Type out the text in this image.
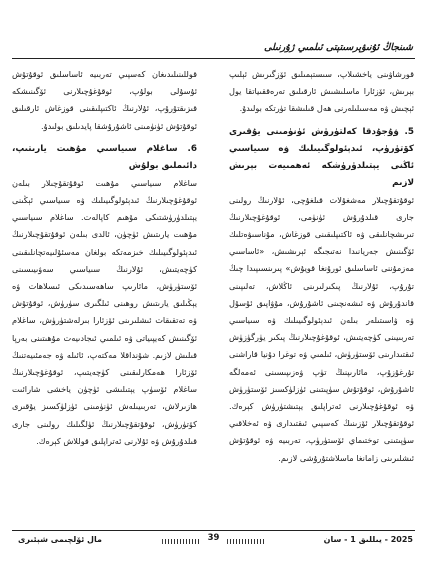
شىنجاڭ ئۇنىۋېرسىتېتى ئىلمىي ژۇرنىلى

قورشاۋىنى ياخشىلاپ، سىستېمىلىق ئۆزگىرىش ئېلىپ بېرىش، ئۆزئارا ماسلىشىش ئارقىلىق تەرەققىياتقا يول ئېچىش ۋە مەسىلىلەرنى ھەل قىلىشقا تۈرتكە بولىدۇ.

5. ۋۇجۇدقا كەلتۈرۈش ئۈنۈمىنى يۇقىرى كۆتۈرۈپ، ئىدېئولوگىيىلىك ۋە سىياسىي ئاڭنى يېتىلدۈرۈشكە ئەھمىيەت بېرىش لازىم

ئوقۇتقۇچىلار مەشغۇلات قىلغۇچى، ئۇلارنىڭ رولىنى جارى قىلدۇرۇش ئۈنۈمى، ئوقۇغۇچىلارنىڭ تىرىشچانلىقى ۋە ئاكتىپلىقىنى قوزغاش، مۇناسىۋەتلىك ئۆگىنىش جەريانىدا نەتىجىگە ئېرىشىش، «ئاساسىي مەزمۇننى ئاساسلىق ئورۇنغا قويۇش» پىرىنسىپىدا چىڭ تۇرۇپ، ئۇلارنىڭ پىكىرلىرىنى ئاڭلاش، تەلىپىنى قاندۇرۇش ۋە ئىشەنچىنى ئاشۇرۇش، مۇۋاپىق ئۇسۇل ۋە ۋاسىتىلەر بىلەن ئىدېئولوگىيىلىك ۋە سىياسىي تەربىيىنى كۈچەيتىش، ئوقۇغۇچىلارنىڭ پىكىر يۈرگۈزۈش ئىقتىدارىنى ئۆستۈرۈش، ئىلمىي ۋە توغرا دۇنيا قاراشنى تۇرغۇزۇپ، مائارىپنىڭ تۈپ ۋەزىپىسىنى ئەمەلگە ئاشۇرۇش، ئوقۇتۇش سۈپىتىنى ئۈزلۈكسىز ئۆستۈرۈش ۋە ئوقۇغۇچىلارنى ئەتراپلىق يېتىشتۈرۈش كېرەك. ئوقۇتقۇچىلار ئۆزىنىڭ كەسپىي ئىقتىدارى ۋە ئەخلاقىي سۈپىتىنى توختىماي ئۆستۈرۈپ، تەربىيە ۋە ئوقۇتۇش ئىشلىرىنى زامانغا ماسلاشتۇرۇشى لازىم.

قوللىنىلىدىغان كەسپىي تەربىيە ئاساسلىق ئوقۇتۇش ئۇسۇلى بولۇپ، ئوقۇغۇچىلارنى ئۆگىنىشكە قىزىقتۇرۇپ، ئۇلارنىڭ ئاكتىپلىقىنى قوزغاش ئارقىلىق ئوقۇتۇش ئۈنۈمىنى ئاشۇرۇشقا پايدىلىق بولىدۇ.

6. ساغلام سىياسىي مۇھىت يارىتىپ، دائىملىق بولۇش

ساغلام سىياسىي مۇھىت ئوقۇتقۇچىلار بىلەن ئوقۇغۇچىلارنىڭ ئىدېئولوگىيىلىك ۋە سىياسىي ئېڭىنى يېتىلدۈرۈشتىكى مۇھىم كاپالەت. ساغلام سىياسىي مۇھىت يارىتىش ئۈچۈن، ئالدى بىلەن ئوقۇتقۇچىلارنىڭ ئىدېئولوگىيىلىك خىزمەتكە بولغان مەسئۇلىيەتچانلىقىنى كۈچەيتىش، ئۇلارنىڭ سىياسىي سەۋىيىسىنى ئۆستۈرۈش، مائارىپ ساھەسىدىكى ئىسلاھات ۋە يېڭىلىق يارىتىش روھىنى ئىلگىرى سۈرۈش، ئوقۇتۇش ۋە تەتقىقات ئىشلىرىنى ئۆزئارا بىرلەشتۈرۈش، ساغلام ئۆگىنىش كەيپىياتى ۋە ئىلمىي ئىجادىيەت مۇھىتىنى بەرپا قىلىش لازىم. شۇنداقلا مەكتەپ، ئائىلە ۋە جەمئىيەتنىڭ ئۆزئارا ھەمكارلىقىنى كۈچەيتىپ، ئوقۇغۇچىلارنىڭ ساغلام ئۆسۈپ يېتىلىشى ئۈچۈن ياخشى شارائىت ھازىرلاش، تەربىيىلەش ئۈنۈمىنى ئۈزلۈكسىز يۇقىرى كۆتۈرۈش، ئوقۇتقۇچىلارنىڭ ئۈلگىلىك رولىنى جارى قىلدۇرۇش ۋە ئۇلارنى ئەتراپلىق قوللاش كېرەك.

2025 - يىللىق 1 - سان
39
مال ئۆلچىمى شېئىرى
